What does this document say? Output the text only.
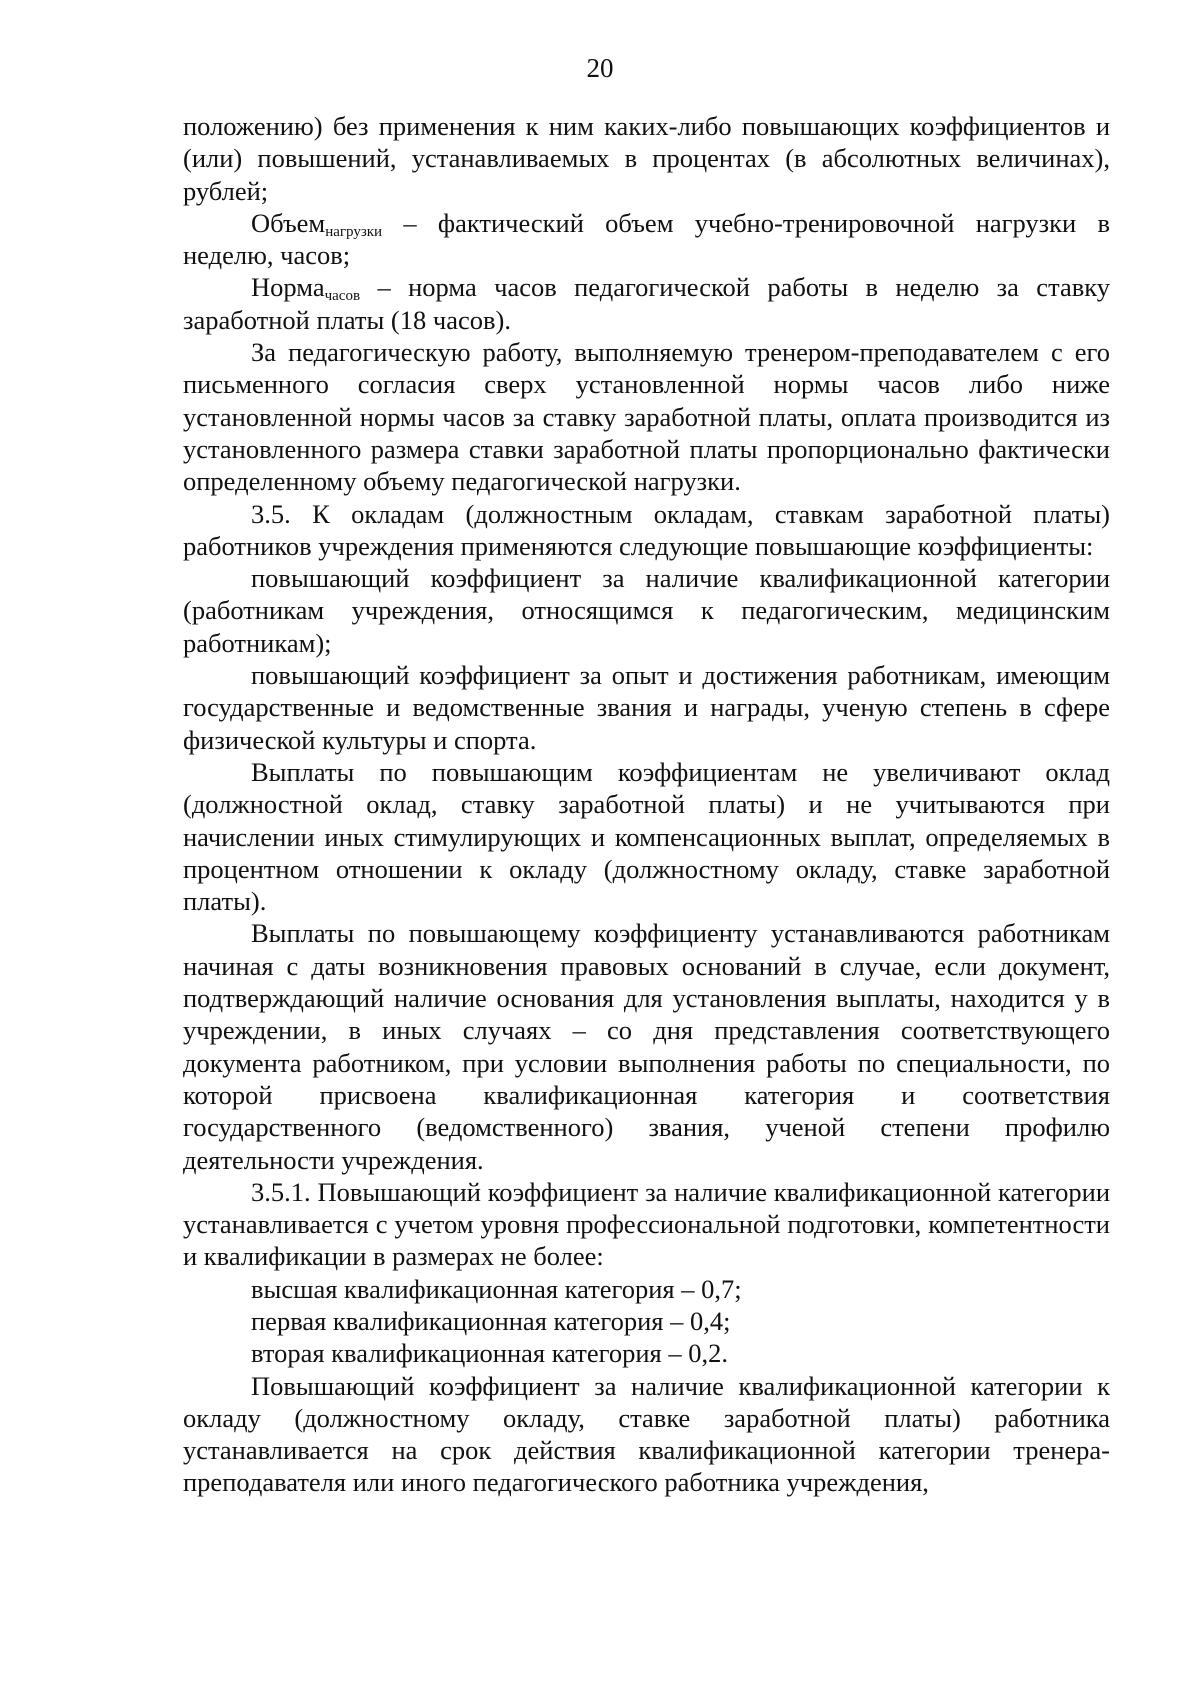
20

положению) без применения к ним каких-либо повышающих коэффициентов и (или) повышений, устанавливаемых в процентах (в абсолютных величинах), рублей;

Объем$_{нагрузки}$ – фактический объем учебно-тренировочной нагрузки в неделю, часов;

Норма$_{часов}$ – норма часов педагогической работы в неделю за ставку заработной платы (18 часов).

За педагогическую работу, выполняемую тренером-преподавателем с его письменного согласия сверх установленной нормы часов либо ниже установленной нормы часов за ставку заработной платы, оплата производится из установленного размера ставки заработной платы пропорционально фактически определенному объему педагогической нагрузки.

3.5. К окладам (должностным окладам, ставкам заработной платы) работников учреждения применяются следующие повышающие коэффициенты:

повышающий коэффициент за наличие квалификационной категории (работникам учреждения, относящимся к педагогическим, медицинским работникам);

повышающий коэффициент за опыт и достижения работникам, имеющим государственные и ведомственные звания и награды, ученую степень в сфере физической культуры и спорта.

Выплаты по повышающим коэффициентам не увеличивают оклад (должностной оклад, ставку заработной платы) и не учитываются при начислении иных стимулирующих и компенсационных выплат, определяемых в процентном отношении к окладу (должностному окладу, ставке заработной платы).

Выплаты по повышающему коэффициенту устанавливаются работникам начиная с даты возникновения правовых оснований в случае, если документ, подтверждающий наличие основания для установления выплаты, находится у в учреждении, в иных случаях – со дня представления соответствующего документа работником, при условии выполнения работы по специальности, по которой присвоена квалификационная категория и соответствия государственного (ведомственного) звания, ученой степени профилю деятельности учреждения.

3.5.1. Повышающий коэффициент за наличие квалификационной категории устанавливается с учетом уровня профессиональной подготовки, компетентности и квалификации в размерах не более:

высшая квалификационная категория – 0,7;

первая квалификационная категория – 0,4;

вторая квалификационная категория – 0,2.

Повышающий коэффициент за наличие квалификационной категории к окладу (должностному окладу, ставке заработной платы) работника устанавливается на срок действия квалификационной категории тренера-преподавателя или иного педагогического работника учреждения,
